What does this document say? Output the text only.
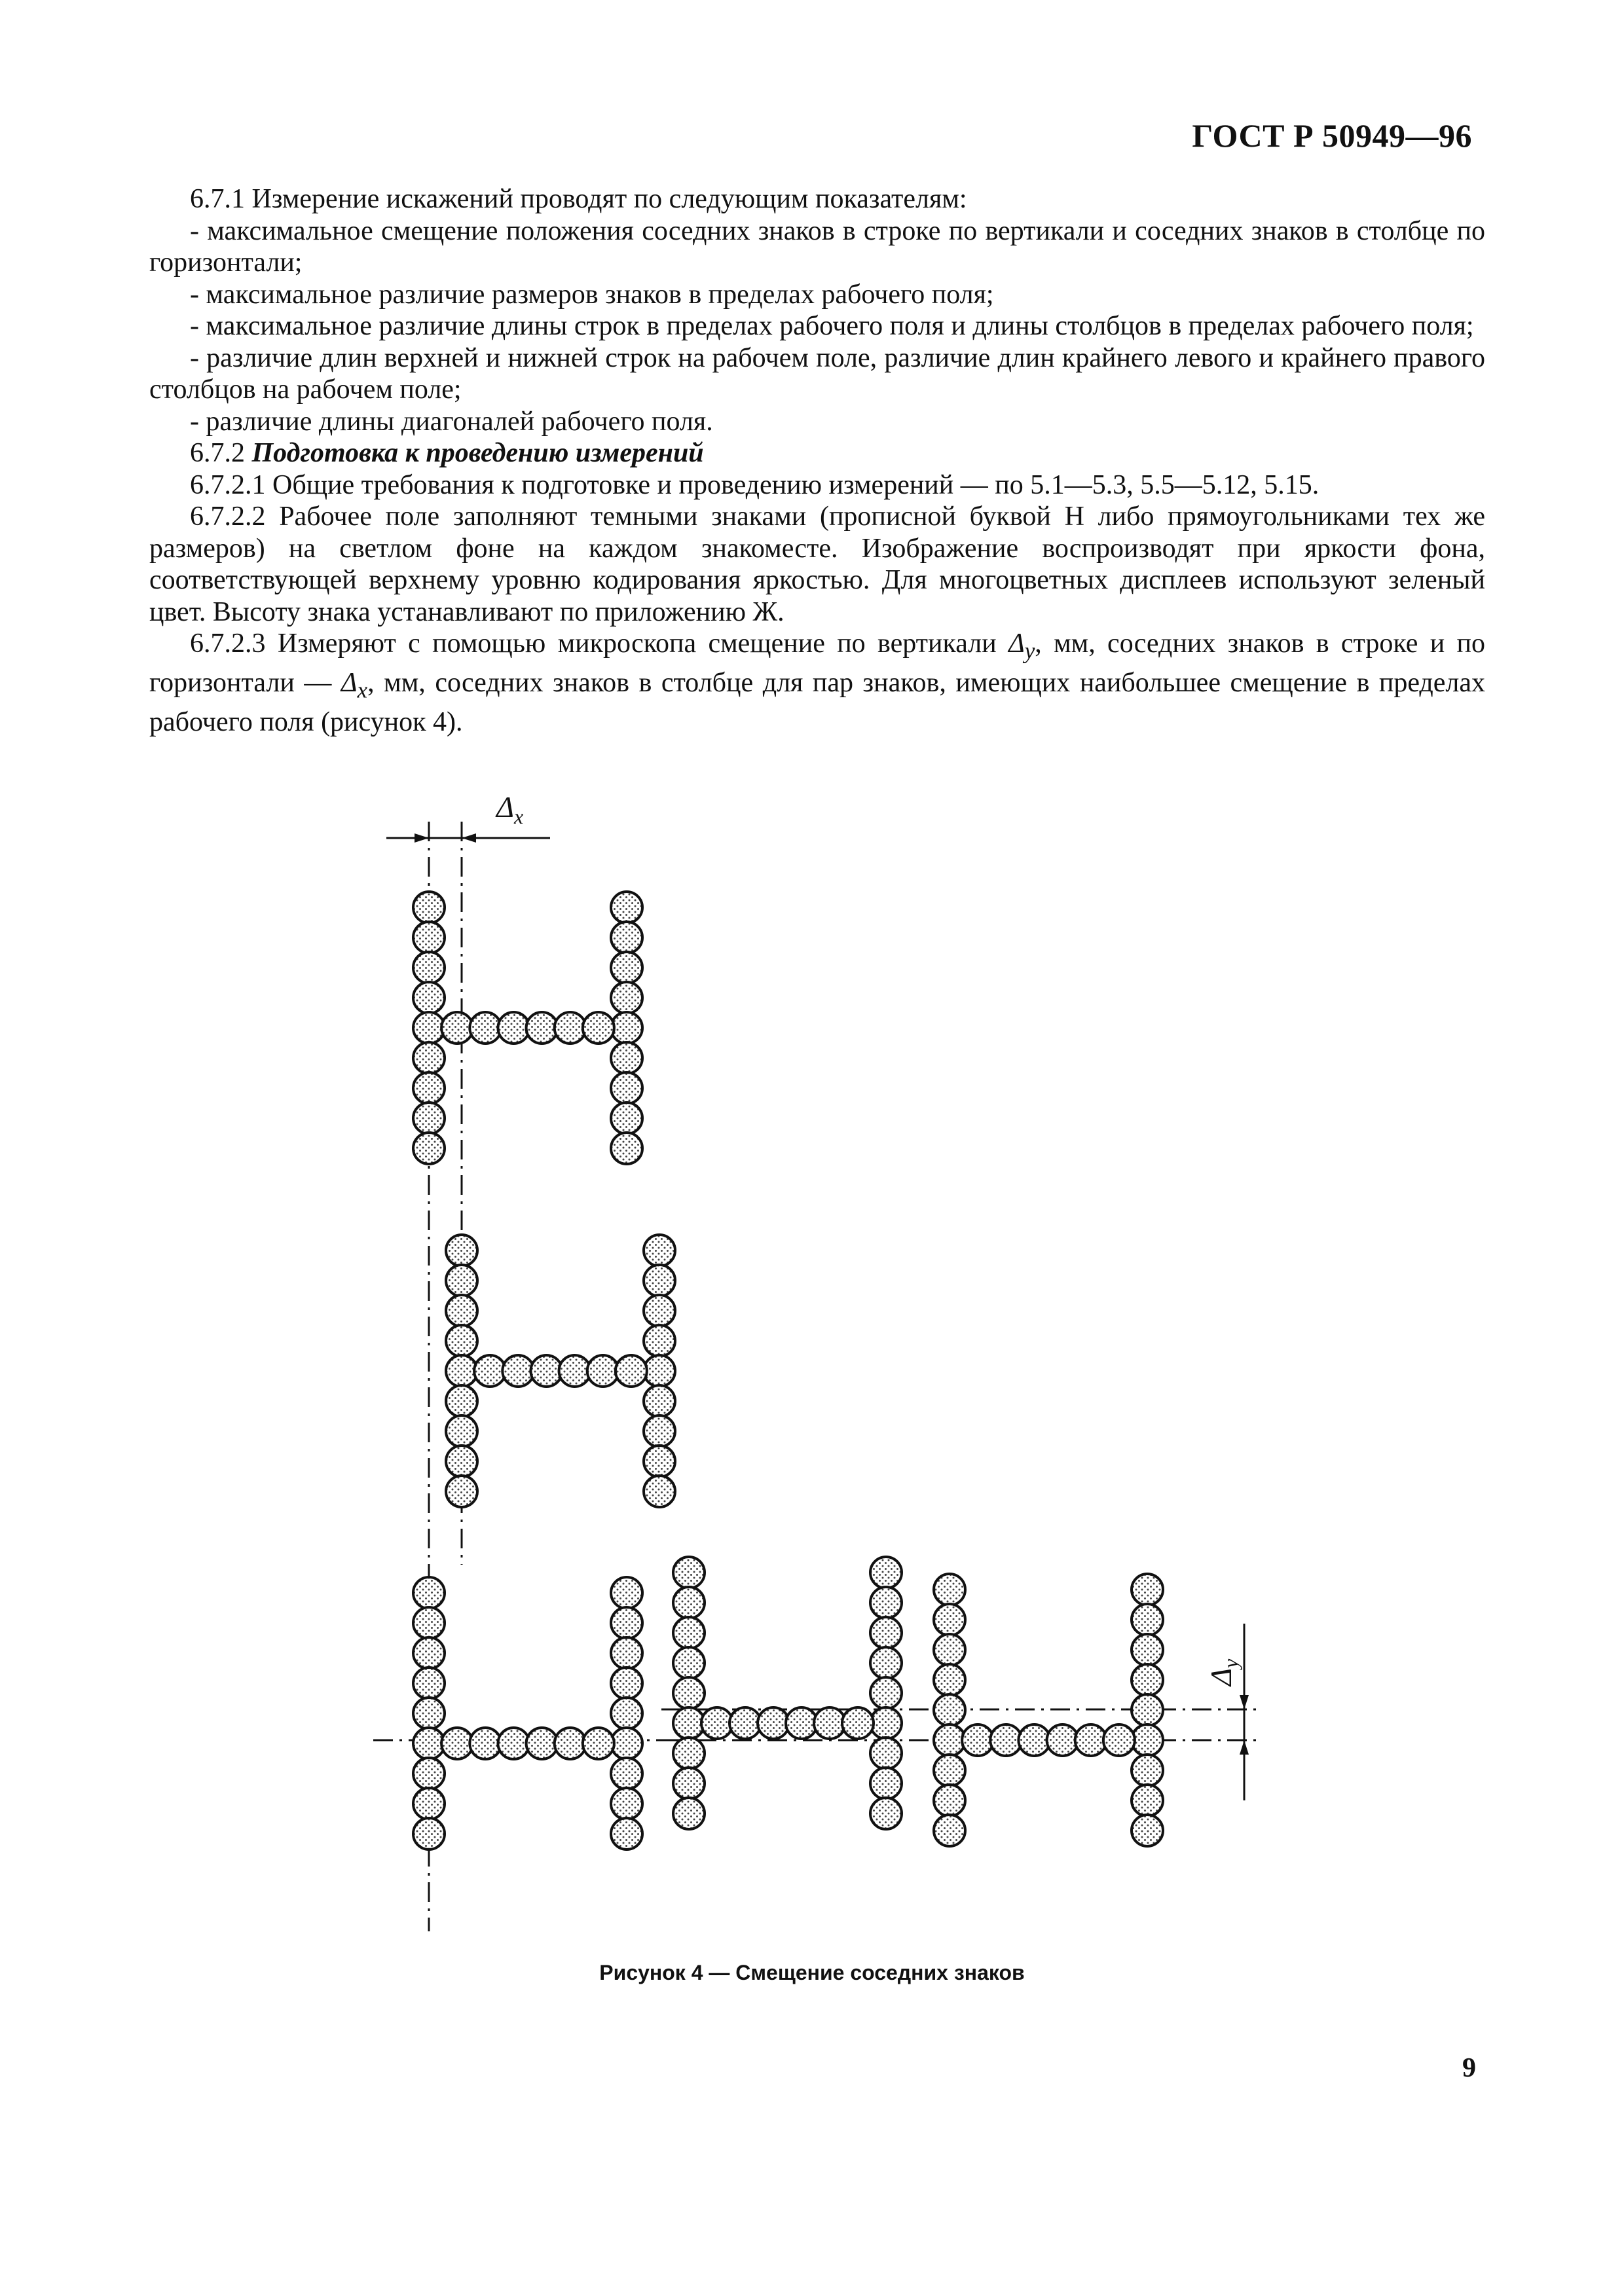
ГОСТ Р 50949—96

6.7.1 Измерение искажений проводят по следующим показателям:

- максимальное смещение положения соседних знаков в строке по вертикали и соседних знаков в столбце по горизонтали;

- максимальное различие размеров знаков в пределах рабочего поля;

- максимальное различие длины строк в пределах рабочего поля и длины столбцов в пределах рабочего поля;

- различие длин верхней и нижней строк на рабочем поле, различие длин крайнего левого и крайнего правого столбцов на рабочем поле;

- различие длины диагоналей рабочего поля.

6.7.2 Подготовка к проведению измерений

6.7.2.1 Общие требования к подготовке и проведению измерений — по 5.1—5.3, 5.5—5.12, 5.15.

6.7.2.2 Рабочее поле заполняют темными знаками (прописной буквой Н либо прямоугольниками тех же размеров) на светлом фоне на каждом знакоместе. Изображение воспроизводят при яркости фона, соответствующей верхнему уровню кодирования яркостью. Для многоцветных дисплеев используют зеленый цвет. Высоту знака устанавливают по приложению Ж.

6.7.2.3 Измеряют с помощью микроскопа смещение по вертикали $\Delta_y$, мм, соседних знаков в строке и по горизонтали — $\Delta_x$, мм, соседних знаков в столбце для пар знаков, имеющих наибольшее смещение в пределах рабочего поля (рисунок 4).

$\Delta_x$
$\Delta_y$
Рисунок 4 — Смещение соседних знаков
9
